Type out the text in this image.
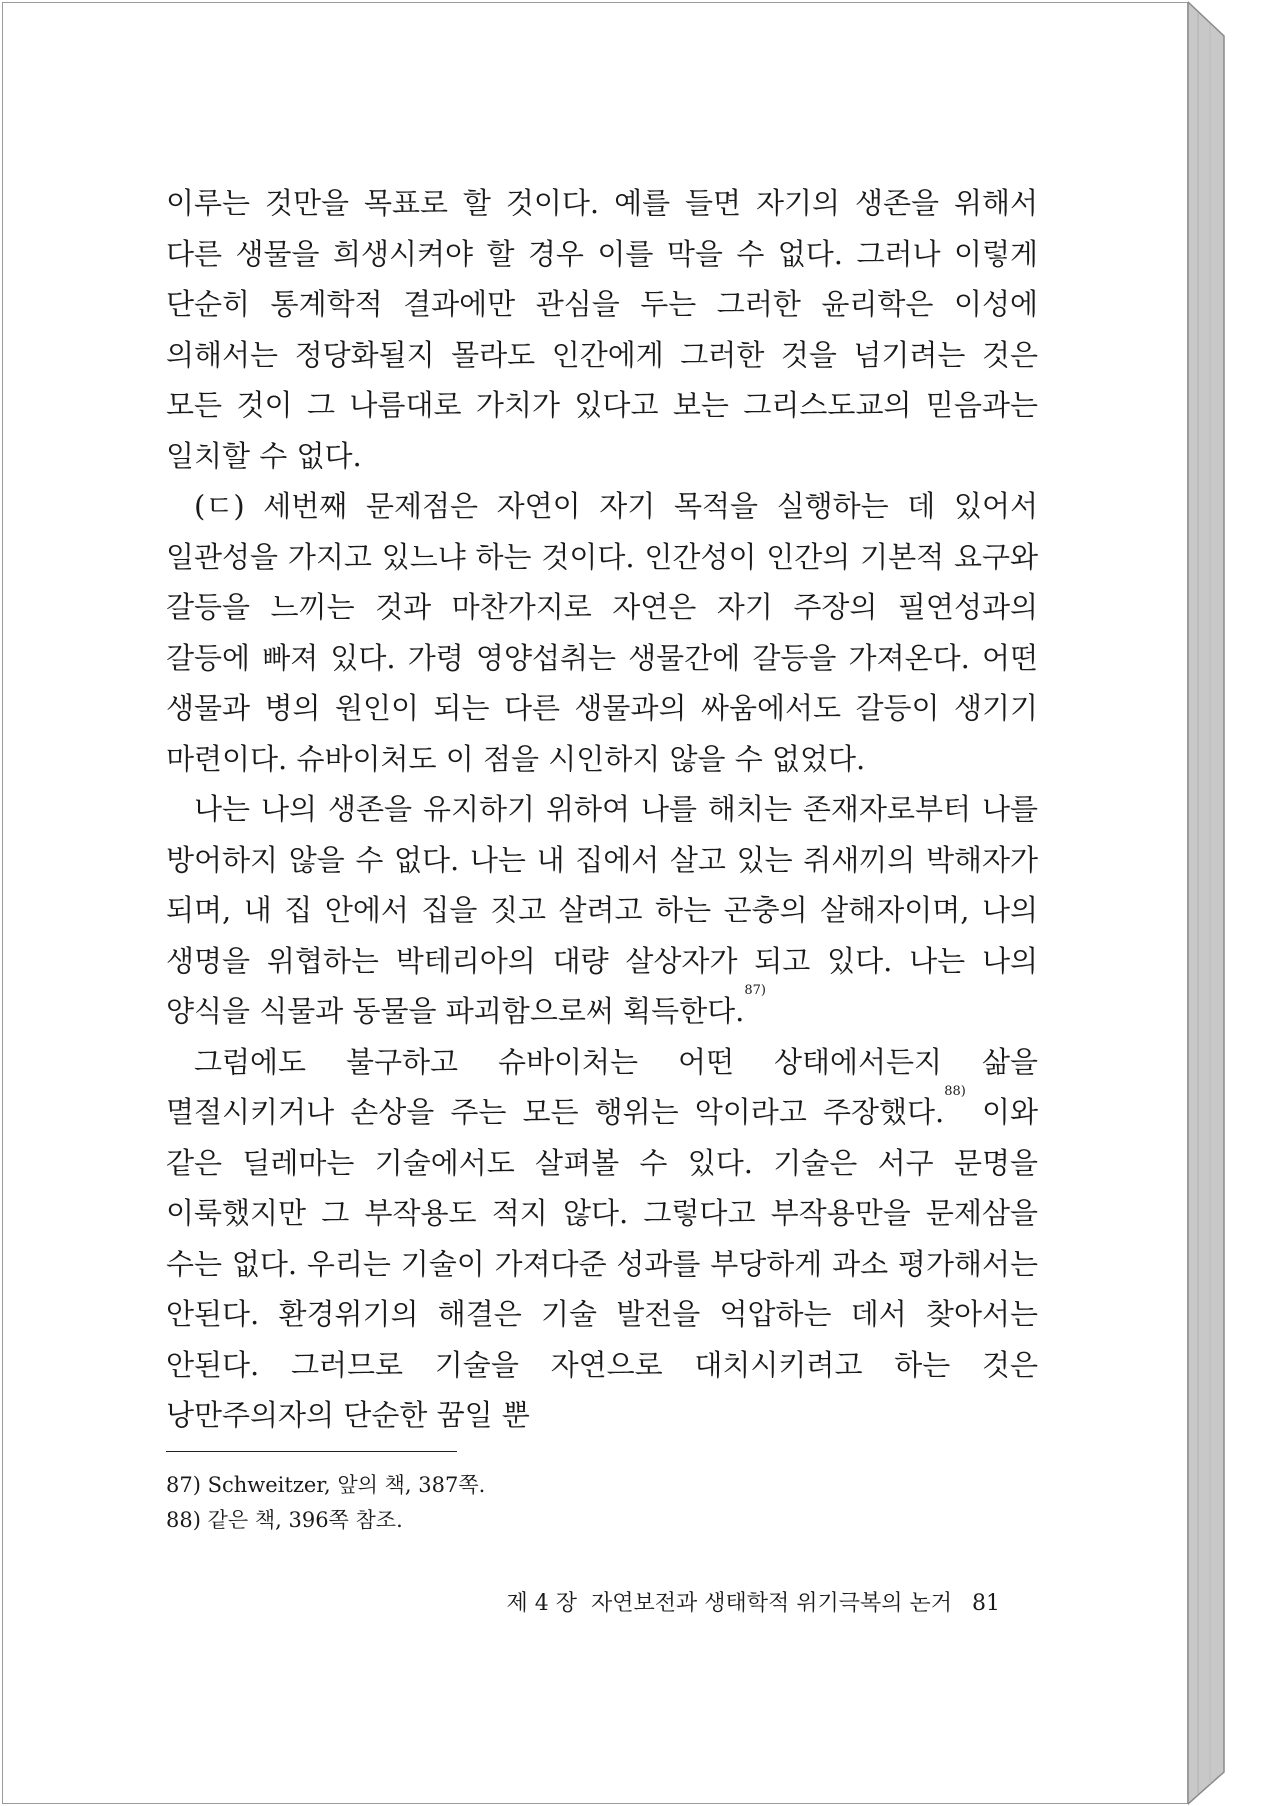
이루는 것만을 목표로 할 것이다. 예를 들면 자기의 생존을 위해서 다른 생물을 희생시켜야 할 경우 이를 막을 수 없다. 그러나 이렇게 단순히 통계학적 결과에만 관심을 두는 그러한 윤리학은 이성에 의해서는 정당화될지 몰라도 인간에게 그러한 것을 넘기려는 것은 모든 것이 그 나름대로 가치가 있다고 보는 그리스도교의 믿음과는 일치할 수 없다.

(ㄷ) 세번째 문제점은 자연이 자기 목적을 실행하는 데 있어서 일관성을 가지고 있느냐 하는 것이다. 인간성이 인간의 기본적 요구와 갈등을 느끼는 것과 마찬가지로 자연은 자기 주장의 필연성과의 갈등에 빠져 있다. 가령 영양섭취는 생물간에 갈등을 가져온다. 어떤 생물과 병의 원인이 되는 다른 생물과의 싸움에서도 갈등이 생기기 마련이다. 슈바이처도 이 점을 시인하지 않을 수 없었다.

나는 나의 생존을 유지하기 위하여 나를 해치는 존재자로부터 나를 방어하지 않을 수 없다. 나는 내 집에서 살고 있는 쥐새끼의 박해자가 되며, 내 집 안에서 집을 짓고 살려고 하는 곤충의 살해자이며, 나의 생명을 위협하는 박테리아의 대량 살상자가 되고 있다. 나는 나의 양식을 식물과 동물을 파괴함으로써 획득한다.$^{87)}$

그럼에도 불구하고 슈바이처는 어떤 상태에서든지 삶을 멸절시키거나 손상을 주는 모든 행위는 악이라고 주장했다.$^{88)}$ 이와 같은 딜레마는 기술에서도 살펴볼 수 있다. 기술은 서구 문명을 이룩했지만 그 부작용도 적지 않다. 그렇다고 부작용만을 문제삼을 수는 없다. 우리는 기술이 가져다준 성과를 부당하게 과소 평가해서는 안된다. 환경위기의 해결은 기술 발전을 억압하는 데서 찾아서는 안된다. 그러므로 기술을 자연으로 대치시키려고 하는 것은 낭만주의자의 단순한 꿈일 뿐

87) Schweitzer, 앞의 책, 387쪽.

88) 같은 책, 396쪽 참조.

제 4 장  자연보전과 생태학적 위기극복의 논거 81
